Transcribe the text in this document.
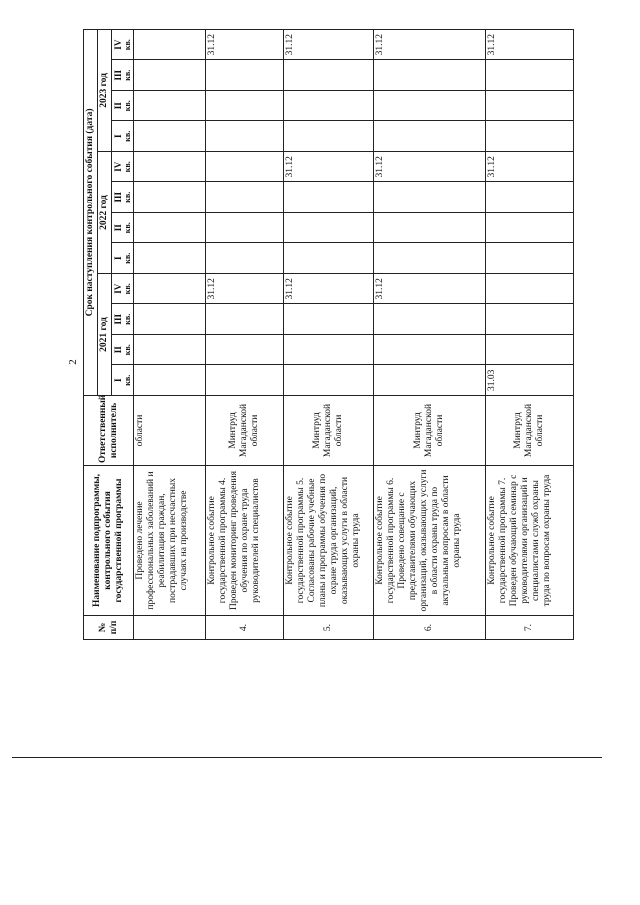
2
№ п/п	Наименование подпрограммы, контрольного события государственной программы	Ответственный исполнитель	Срок наступления контрольного события (дата)											
			2021 год				2022 год				2023 год			

			I кв.	II кв.	III кв.	IV кв.	I кв.	II кв.	III кв.	IV кв.	I кв.	II кв.	III кв.	IV кв.
	Проведено лечение профессиональных заболеваний и реабилитация граждан, пострадавших при несчастных случаях на производстве	области												
4.	Контрольное событие государственной программы 4. Проведен мониторинг проведения обучения по охране труда руководителей и специалистов	Минтруд Магаданской области				31.12								31.12
5.	Контрольное событие государственной программы 5. Согласованы рабочие учебные планы и программы обучения по охране труда организаций, оказывающих услуги в области охраны труда	Минтруд Магаданской области				31.12				31.12				31.12
6.	Контрольное событие государственной программы 6. Проведено совещание с представителями обучающих организаций, оказывающих услуги в области охраны труда по актуальным вопросам в области охраны труда	Минтруд Магаданской области				31.12				31.12				31.12
7.	Контрольное событие государственной программы 7. Проведен обучающий семинар с руководителями организаций и специалистами служб охраны труда по вопросам охраны труда	Минтруд Магаданской области	31.03							31.12				31.12
